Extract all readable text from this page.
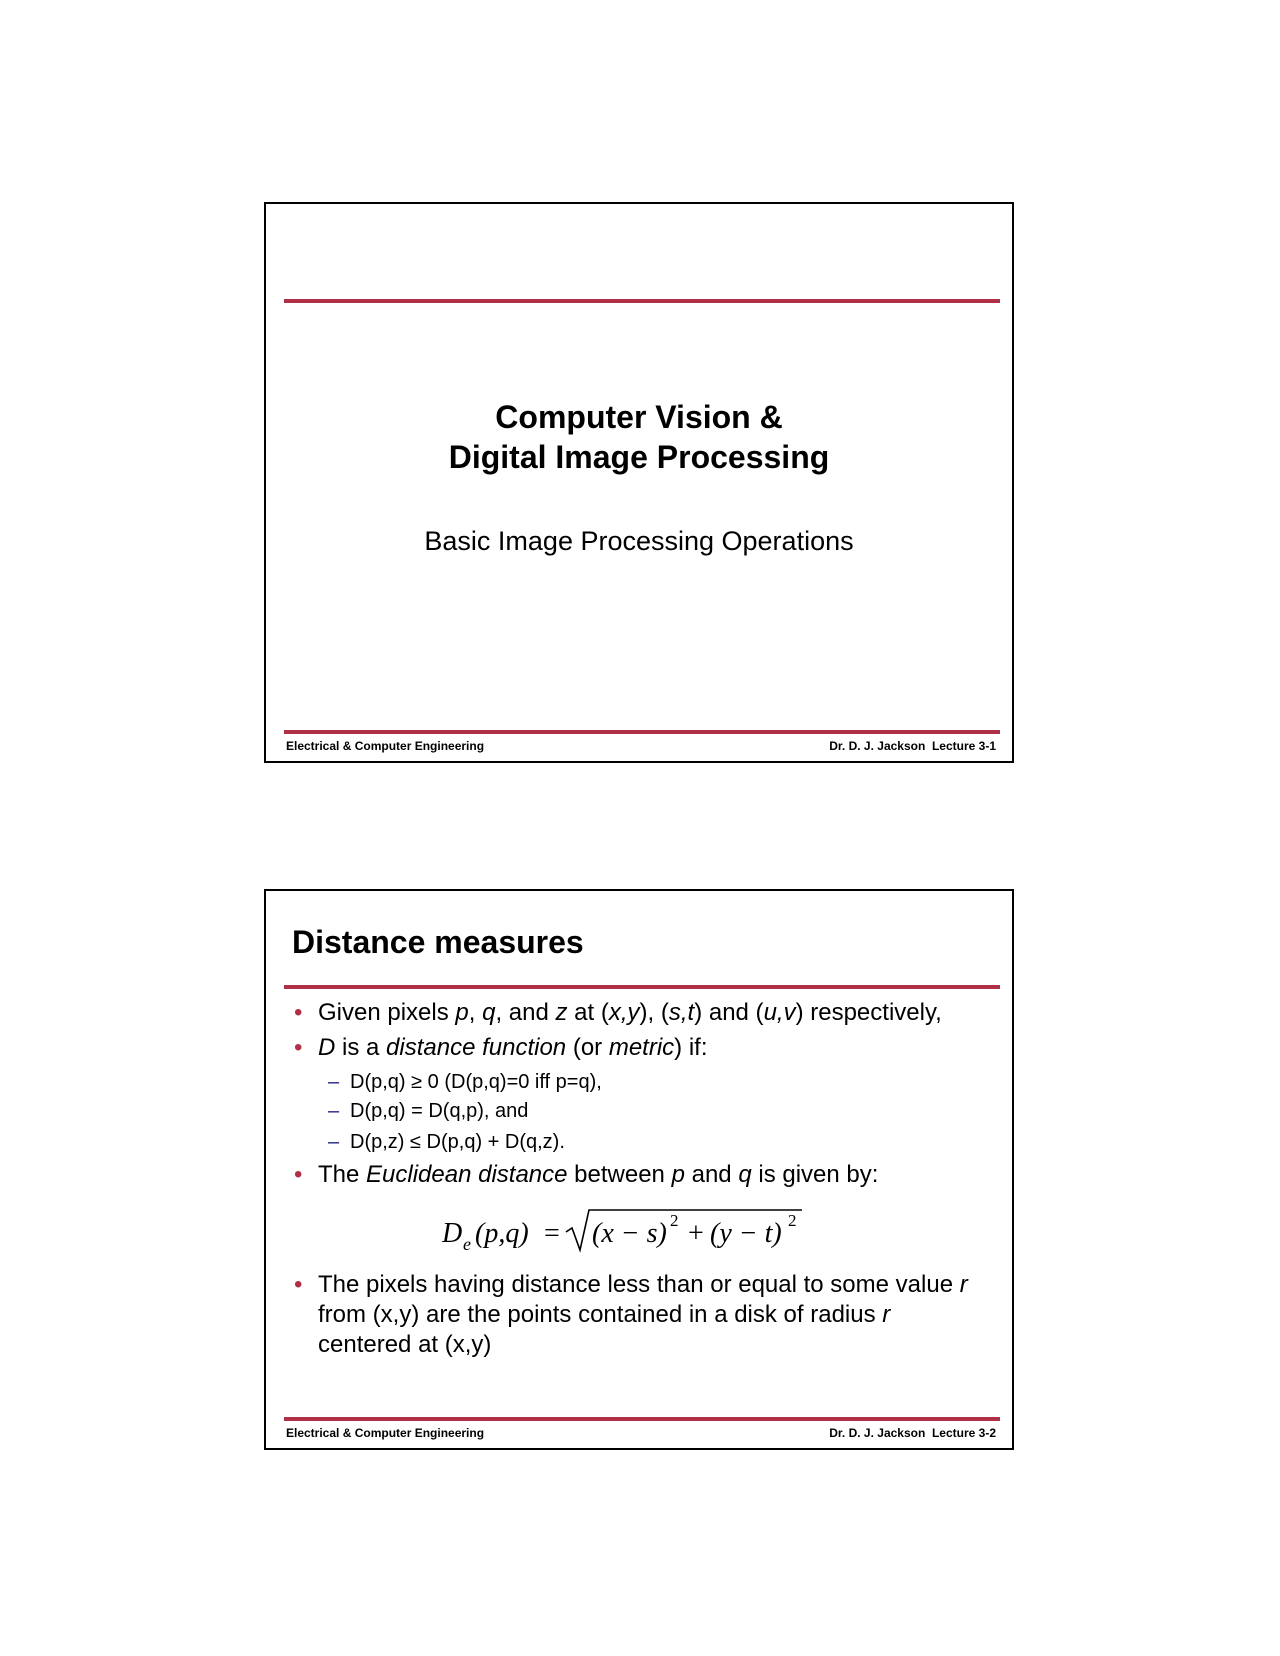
Computer Vision &
Digital Image Processing
Basic Image Processing Operations
Electrical & Computer Engineering	Dr. D. J. Jackson  Lecture 3-1
Distance measures
• Given pixels p, q, and z at (x,y), (s,t) and (u,v) respectively,
• D is a distance function (or metric) if:
– D(p,q) ≥ 0 (D(p,q)=0 iff p=q),
– D(p,q) = D(q,p), and
– D(p,z) ≤ D(p,q) + D(q,z).
• The Euclidean distance between p and q is given by:
D e (p,q) = (x − s) 2 + (y − t) 2
• The pixels having distance less than or equal to some value r from (x,y) are the points contained in a disk of radius r
centered at (x,y)
Electrical & Computer Engineering	Dr. D. J. Jackson  Lecture 3-2
